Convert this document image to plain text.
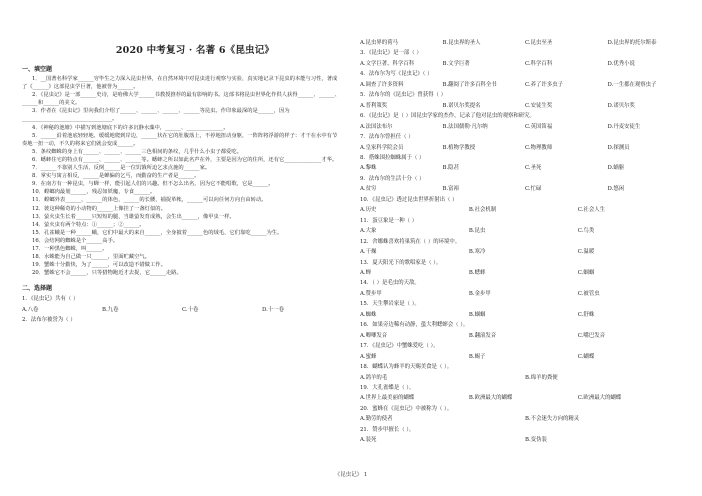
2020 中考复习 · 名著 6《昆虫记》
一、填空题
1．__国著名科学家______穷毕生之力深入昆虫世界，在自然环境中对昆虫进行观察与实验，真实地记录下昆虫的本能与习性，著成了《______》这部昆虫学巨著，他被誉为______。
2．《昆虫记》是一部______史诗，是哈佛大学______书教授推荐的最有影响的书。这部书将昆虫世界化作供人获得______、______、______和______的美文。
3．作者在《昆虫记》里向我们介绍了______、______、______、______等昆虫。作印象最深的是______，因为__________________________________。
4．《神秘的池塘》中描写到池塘底下的许多沉静水藻中，______、______________。
5．______沿着池底轻轻地、缓缓地爬到岸边，______状在它的肚腹落上，不停地扭动身躯，一阵阵将浮游的样子：才干在水中有节奏地一扭一动，不久的将来它们就会变成______。
5．条纹蜘蛛的身上有______、______、______三色相间的条纹，几乎什么小虫子都爱吃。
6．蟋蟀住宅的特点有______、______、______等。蟋蟀之所以如此名声在外，主要是因为它的住所，还有它______________才华。
7．______不靠别人生活，反倒______是一位饥饿所迫乞求点施的______家。
8．掌实与寓言相反，______是蝉偏的乞丐，而勤奋的生产者是______。
9．在南方有一种昆虫，与蝉一样，能引起人们的兴趣。但不怎么出名，因为它不能唱歌，它是______。
10．螳螂肉最划______，残忍如妖魔，专食______。
11．螳螂外表______，______的体色，______的长腰，捕捉革帐，______可以向任何方向自由转动。
12．彼这种稀奇的小动物的______上像挂了一盏灯似的。
13．萤火虫生长着______只短短的腿，当雄萤发育成熟，会生出______，像甲虫一样。
14．萤火虫有两个特点：①______；②______。
15．孔雀蛾是一种______蛾，它们中最大的来自______，全身披着______色的绒毛，它们靠吃______为生。
16．会结网的蜘蛛是个______高手。
17．一种黑色蜘蛛，叫______。
18．水蛛能为自己做一只______，里面贮藏空气。
19．蟹蛛十分勤快，为了______，可以改造不错做工作。
20．蟹蛛它不会______，只等猎物跑近才去捉，它______走路。
二、选择题
1．《昆虫记》共有（ ）
A.八卷	B.九卷	C.十卷	D.十一卷
2．法布尔被誉为（ ）
A.昆虫界的荷马	B.昆虫界的圣人	C.昆虫至圣	D.昆虫界的托尔斯泰
3．《昆虫记》是一部（ ）
A.文学巨著、科学百科	B.文学巨著	C.科学百科	D.优秀小说
4．法布尔为写《昆虫记》（ ）
A.调查了许多资料	B.翻阅了许多百科全书	C.养了许多虫子	D.一生都在观察虫子
5．法布尔的《昆虫记》曾获得（ ）
A.普利策奖	B.诺贝尔奖提名	C.安徒生奖	D.诺贝尔奖
6．《昆虫记》是（ ）国昆虫学家的杰作，记录了他对昆虫的观察和研究。
A.法国法布尔	B.法国儒勒·凡尔纳	C.英国笛福	D.丹麦安徒生
7．法布尔曾担任（ ）
A.皇家科学院会员	B.植物学教授	C.物理教师	D.探测员
8．搭蛛围拉蜘蛛属于（ ）
A.黎蛛	B.隐甚	C.圣死	D.蜗躯
9．法布尔的生活十分（ ）
A.贫穷	B.富裕	C.忙碌	D.悠闲
10．《昆虫记》透过昆虫世界折射出（ ）
A.历史	B.社会机制	C.社会人生
11．蛋豆象是一种（ ）
A.大象	B.昆虫	C.鸟类
12．舍娜蛛喜欢将巢筑在（ ）的环境中。
A.干燥	B.寒冷	C.温暖
13．夏天阳光下的歌唱家是（ ）。
A.蝉	B.蟋蟀	C.蝈蝈
14．（ ）是毛虫的天敌。
A.赞步甲	B.金步甲	C.被管虫
15．天生攀岩家是（ ）。
A.蜘蛛	B.蝈蝈	C.舒蛛
16．如果旁边稀有动静，蛩大利蟋蟀会（ ）。
A.唧唧发音	B.翻滚发音	C.嘴巴发音
17．《昆虫记》中蟹蛛爱吃（ ）。
A.蜜蜂	B.蝎子	C.蝴蝶
18．蝴蝶认为蜂羊的天赐美食是（ ）。
A.鸽羊的毛	B.绵羊的粪便
19．大孔雀蝶是（ ）。
A.世界上最美丽的蝴蝶	B.欧洲最大的蝴蝶	C.欧洲最大的蝴蝶
20．蜜蜂在《昆虫记》中被称为（ ）。
A.勤劳的使者	B.不会迷失方向的精灵
21．赞步甲擅长（ ）。
A.装死	B.变伪装
《昆虫记》 1
